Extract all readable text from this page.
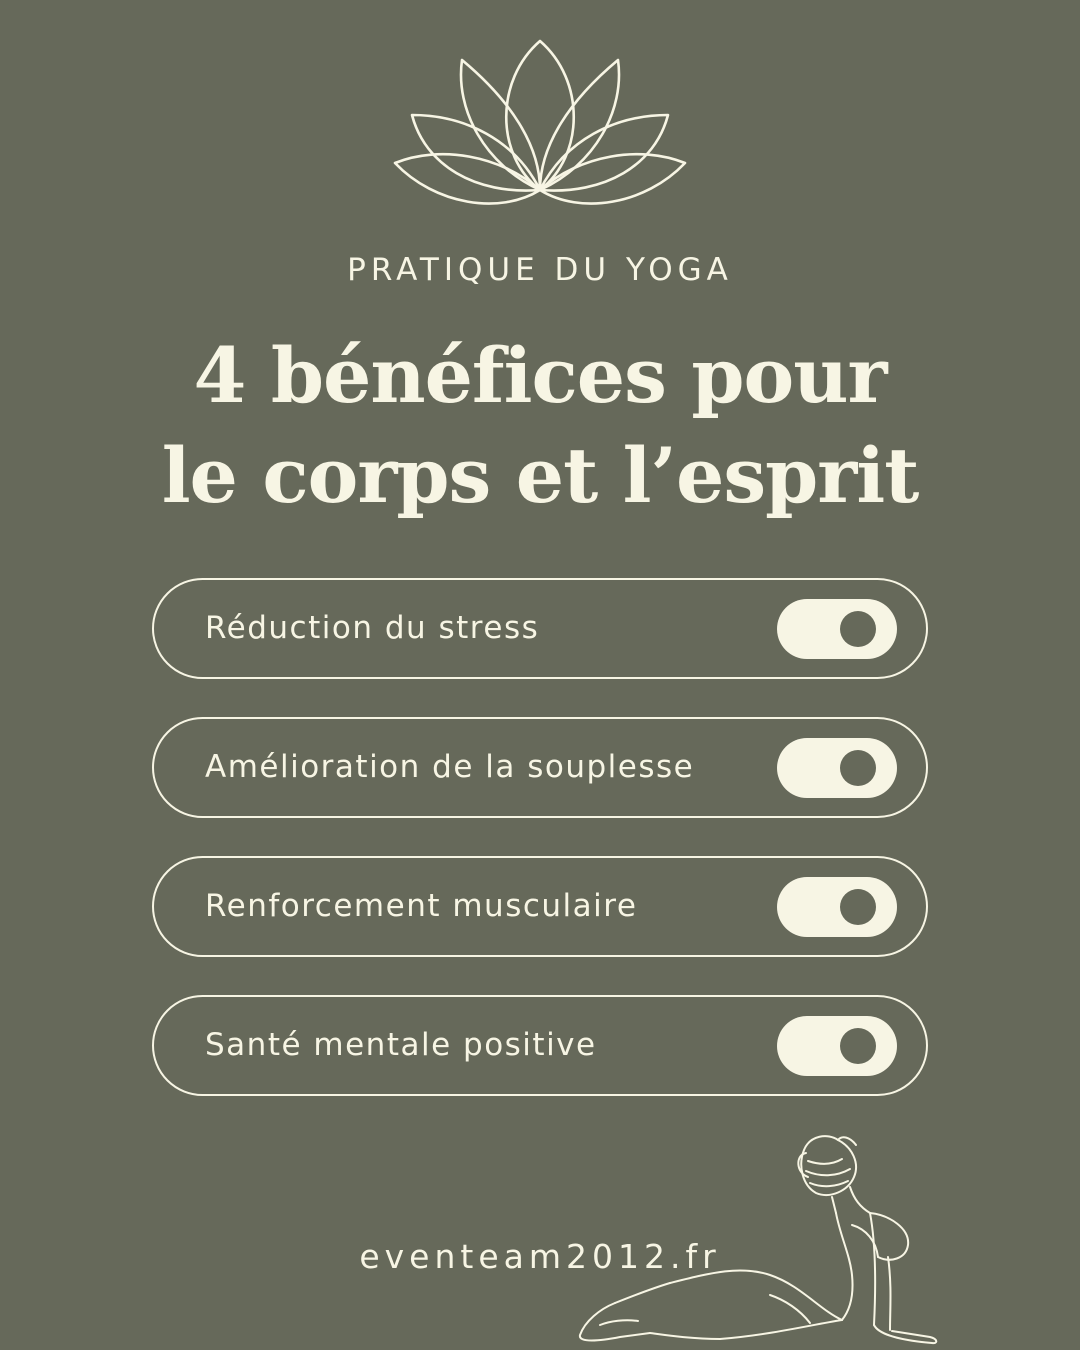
PRATIQUE DU YOGA
4 bénéfices pour
le corps et l’esprit
Réduction du stress
Amélioration de la souplesse
Renforcement musculaire
Santé mentale positive
eventeam2012.fr
